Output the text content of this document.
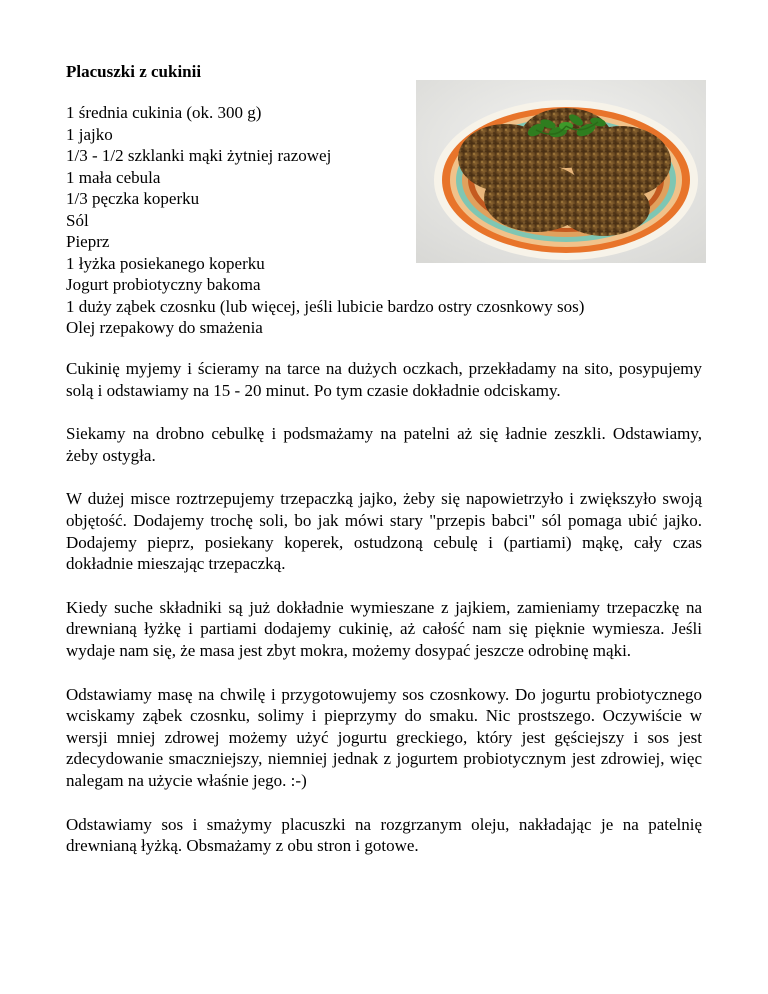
Placuszki z cukinii
1 średnia cukinia (ok. 300 g)
1 jajko
1/3 - 1/2 szklanki mąki żytniej razowej
1 mała cebula
1/3 pęczka koperku
Sól
Pieprz
1 łyżka posiekanego koperku
Jogurt probiotyczny bakoma
1 duży ząbek czosnku (lub więcej, jeśli lubicie bardzo ostry czosnkowy sos)
Olej rzepakowy do smażenia

Cukinię myjemy i ścieramy na tarce na dużych oczkach, przekładamy na sito, posypujemy solą i odstawiamy na 15 - 20 minut. Po tym czasie dokładnie odciskamy.

Siekamy na drobno cebulkę i podsmażamy na patelni aż się ładnie zeszkli. Odstawiamy, żeby ostygła.

W dużej misce roztrzepujemy trzepaczką jajko, żeby się napowietrzyło i zwiększyło swoją objętość. Dodajemy trochę soli, bo jak mówi stary "przepis babci" sól pomaga ubić jajko. Dodajemy pieprz, posiekany koperek, ostudzoną cebulę i (partiami) mąkę, cały czas dokładnie mieszając trzepaczką.

Kiedy suche składniki są już dokładnie wymieszane z jajkiem, zamieniamy trzepaczkę na drewnianą łyżkę i partiami dodajemy cukinię, aż całość nam się pięknie wymiesza. Jeśli wydaje nam się, że masa jest zbyt mokra, możemy dosypać jeszcze odrobinę mąki.

Odstawiamy masę na chwilę i przygotowujemy sos czosnkowy. Do jogurtu probiotycznego wciskamy ząbek czosnku, solimy i pieprzymy do smaku. Nic prostszego. Oczywiście w wersji mniej zdrowej możemy użyć jogurtu greckiego, który jest gęściejszy i sos jest zdecydowanie smaczniejszy, niemniej jednak z jogurtem probiotycznym jest zdrowiej, więc nalegam na użycie właśnie jego. :-)

Odstawiamy sos i smażymy placuszki na rozgrzanym oleju, nakładając je na patelnię drewnianą łyżką. Obsmażamy z obu stron i gotowe.
